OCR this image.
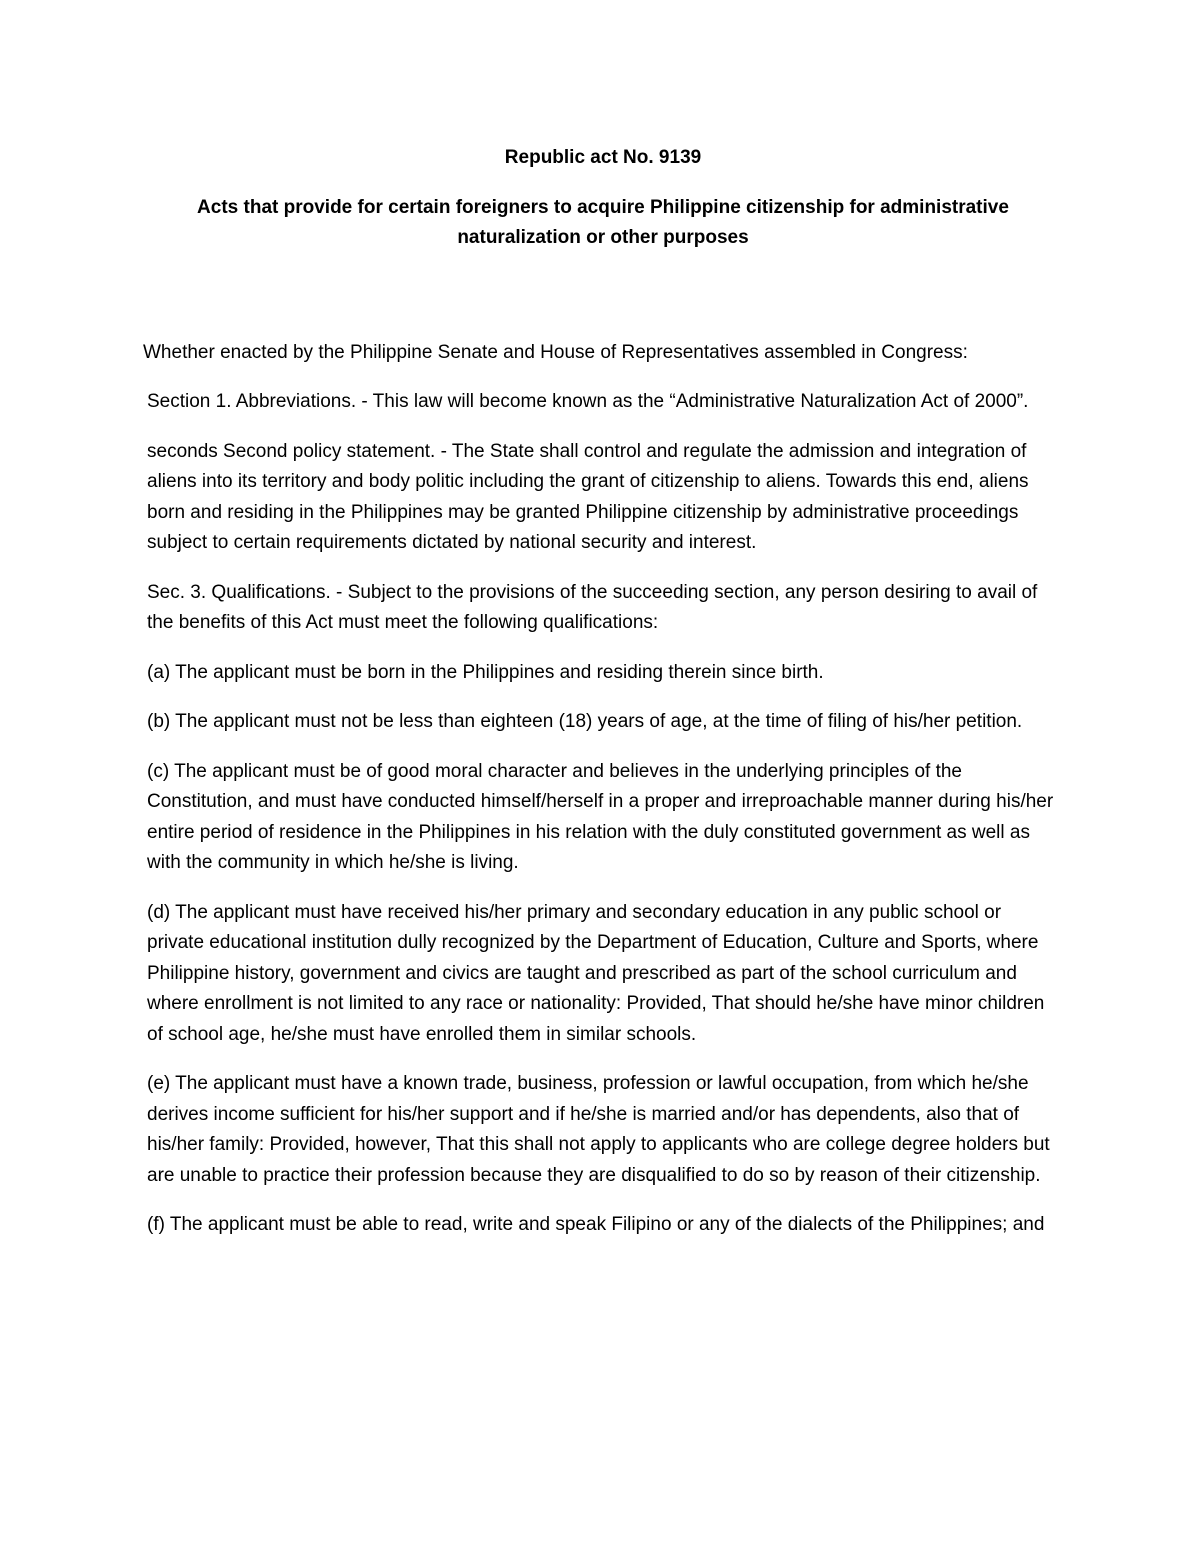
Republic act No. 9139

Acts that provide for certain foreigners to acquire Philippine citizenship for administrative naturalization or other purposes

Whether enacted by the Philippine Senate and House of Representatives assembled in Congress:

Section 1. Abbreviations. - This law will become known as the “Administrative Naturalization Act of 2000”.

seconds Second policy statement. - The State shall control and regulate the admission and integration of aliens into its territory and body politic including the grant of citizenship to aliens. Towards this end, aliens born and residing in the Philippines may be granted Philippine citizenship by administrative proceedings subject to certain requirements dictated by national security and interest.

Sec. 3. Qualifications. - Subject to the provisions of the succeeding section, any person desiring to avail of the benefits of this Act must meet the following qualifications:

(a) The applicant must be born in the Philippines and residing therein since birth.

(b) The applicant must not be less than eighteen (18) years of age, at the time of filing of his/her petition.

(c) The applicant must be of good moral character and believes in the underlying principles of the Constitution, and must have conducted himself/herself in a proper and irreproachable manner during his/her entire period of residence in the Philippines in his relation with the duly constituted government as well as with the community in which he/she is living.

(d) The applicant must have received his/her primary and secondary education in any public school or private educational institution dully recognized by the Department of Education, Culture and Sports, where Philippine history, government and civics are taught and prescribed as part of the school curriculum and where enrollment is not limited to any race or nationality: Provided, That should he/she have minor children of school age, he/she must have enrolled them in similar schools.

(e) The applicant must have a known trade, business, profession or lawful occupation, from which he/she derives income sufficient for his/her support and if he/she is married and/or has dependents, also that of his/her family: Provided, however, That this shall not apply to applicants who are college degree holders but are unable to practice their profession because they are disqualified to do so by reason of their citizenship.

(f) The applicant must be able to read, write and speak Filipino or any of the dialects of the Philippines; and
